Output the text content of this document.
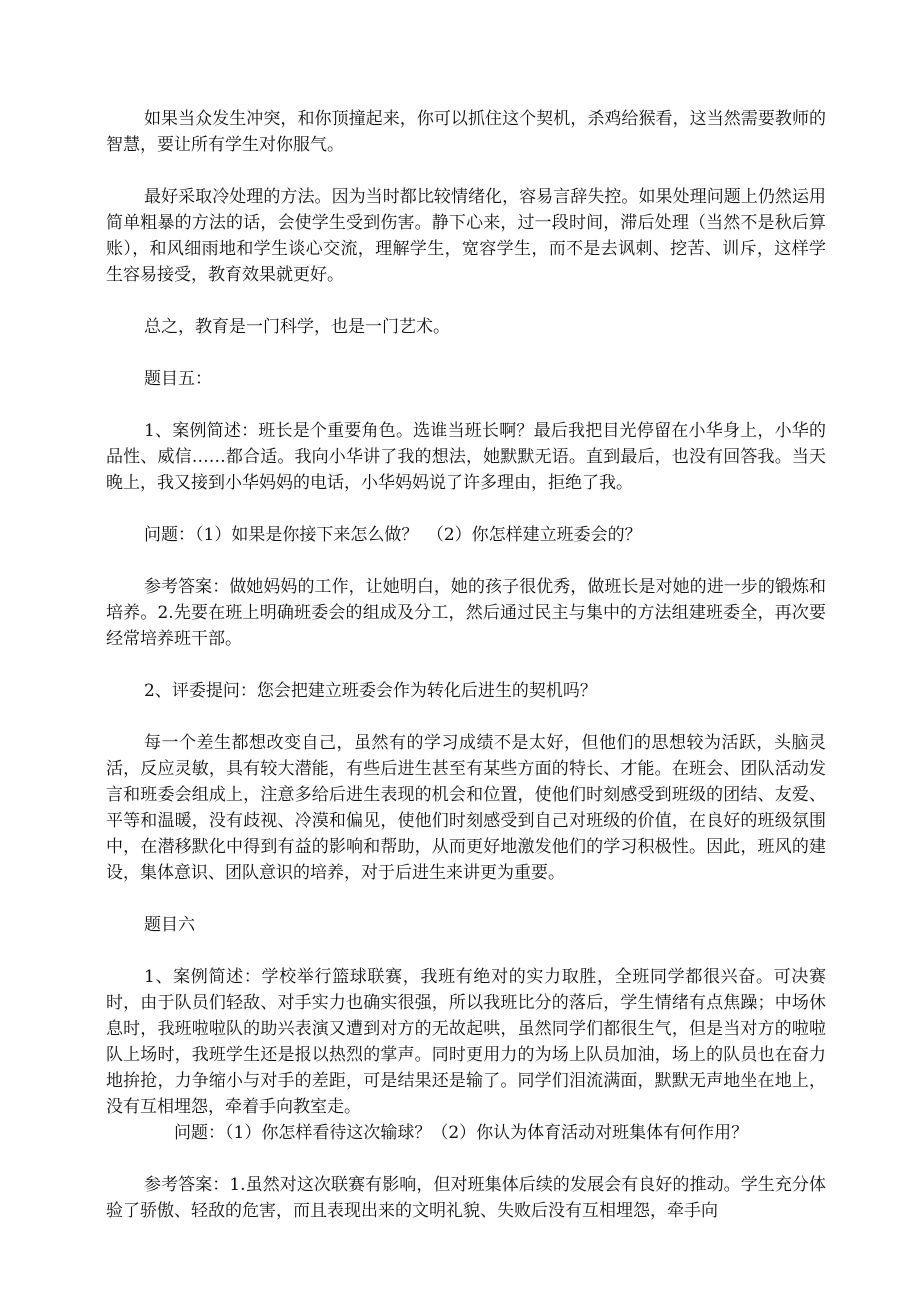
如果当众发生冲突，和你顶撞起来，你可以抓住这个契机，杀鸡给猴看，这当然需要教师的智慧，要让所有学生对你服气。

最好采取冷处理的方法。因为当时都比较情绪化，容易言辞失控。如果处理问题上仍然运用简单粗暴的方法的话，会使学生受到伤害。静下心来，过一段时间，滞后处理（当然不是秋后算账），和风细雨地和学生谈心交流，理解学生，宽容学生，而不是去讽刺、挖苦、训斥，这样学生容易接受，教育效果就更好。

总之，教育是一门科学，也是一门艺术。

题目五：

1、案例简述：班长是个重要角色。选谁当班长啊？最后我把目光停留在小华身上，小华的品性、威信……都合适。我向小华讲了我的想法，她默默无语。直到最后，也没有回答我。当天晚上，我又接到小华妈妈的电话，小华妈妈说了许多理由，拒绝了我。

问题：（1）如果是你接下来怎么做？　（2）你怎样建立班委会的？

参考答案：做她妈妈的工作，让她明白，她的孩子很优秀，做班长是对她的进一步的锻炼和培养。2.先要在班上明确班委会的组成及分工，然后通过民主与集中的方法组建班委全，再次要经常培养班干部。

2、评委提问：您会把建立班委会作为转化后进生的契机吗？

每一个差生都想改变自己，虽然有的学习成绩不是太好，但他们的思想较为活跃，头脑灵活，反应灵敏，具有较大潜能，有些后进生甚至有某些方面的特长、才能。在班会、团队活动发言和班委会组成上，注意多给后进生表现的机会和位置，使他们时刻感受到班级的团结、友爱、平等和温暖，没有歧视、冷漠和偏见，使他们时刻感受到自己对班级的价值，在良好的班级氛围中，在潜移默化中得到有益的影响和帮助，从而更好地激发他们的学习积极性。因此，班风的建设，集体意识、团队意识的培养，对于后进生来讲更为重要。

题目六

1、案例简述：学校举行篮球联赛，我班有绝对的实力取胜，全班同学都很兴奋。可决赛时，由于队员们轻敌、对手实力也确实很强，所以我班比分的落后，学生情绪有点焦躁；中场休息时，我班啦啦队的助兴表演又遭到对方的无故起哄，虽然同学们都很生气，但是当对方的啦啦队上场时，我班学生还是报以热烈的掌声。同时更用力的为场上队员加油，场上的队员也在奋力地拚抢，力争缩小与对手的差距，可是结果还是输了。同学们泪流满面，默默无声地坐在地上，没有互相埋怨，牵着手向教室走。

问题：（1）你怎样看待这次输球？（2）你认为体育活动对班集体有何作用？

参考答案：1.虽然对这次联赛有影响，但对班集体后续的发展会有良好的推动。学生充分体验了骄傲、轻敌的危害，而且表现出来的文明礼貌、失败后没有互相埋怨，牵手向
